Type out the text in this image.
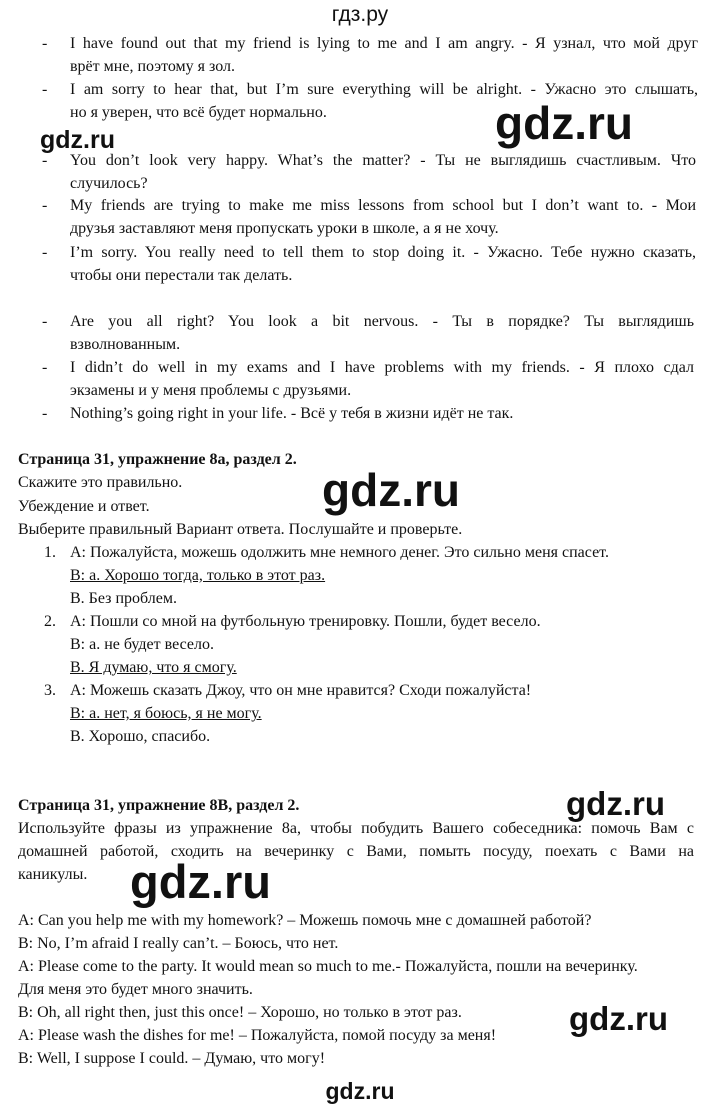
гдз.ру
gdz.ru	gdz.ru
gdz.ru
gdz.ru
gdz.ru
gdz.ru
- I have found out that my friend is lying to me and I am angry. - Я узнал, что мой друг
врёт мне, поэтому я зол.
- I am sorry to hear that, but I’m sure everything will be alright. - Ужасно это слышать,
но я уверен, что всё будет нормально.
- You don’t look very happy. What’s the matter? - Ты не выглядишь счастливым. Что
случилось?
- My friends are trying to make me miss lessons from school but I don’t want to. - Мои
друзья заставляют меня пропускать уроки в школе, а я не хочу.
- I’m sorry. You really need to tell them to stop doing it. - Ужасно. Тебе нужно сказать,
чтобы они перестали так делать.
- Are you all right? You look a bit nervous. - Ты в порядке? Ты выглядишь
взволнованным.
- I didn’t do well in my exams and I have problems with my friends. - Я плохо сдал
экзамены и у меня проблемы с друзьями.
- Nothing’s going right in your life. - Всё у тебя в жизни идёт не так.
Страница 31, упражнение 8а, раздел 2.
Скажите это правильно.
Убеждение и ответ.
Выберите правильный Вариант ответа. Послушайте и проверьте.
1. А: Пожалуйста, можешь одолжить мне немного денег. Это сильно меня спасет.
В: а. Хорошо тогда, только в этот раз.
В. Без проблем.
2. А: Пошли со мной на футбольную тренировку. Пошли, будет весело.
В: а. не будет весело.
В. Я думаю, что я смогу.
3. А: Можешь сказать Джоу, что он мне нравится? Сходи пожалуйста!
В: а. нет, я боюсь, я не могу.
В. Хорошо, спасибо.
Страница 31, упражнение 8В, раздел 2.
Используйте фразы из упражнение 8а, чтобы побудить Вашего собеседника: помочь Вам с
домашней работой, сходить на вечеринку с Вами, помыть посуду, поехать с Вами на
каникулы.
A: Can you help me with my homework? – Можешь помочь мне с домашней работой?
B: No, I’m afraid I really can’t. – Боюсь, что нет.
A: Please come to the party. It would mean so much to me.- Пожалуйста, пошли на вечеринку.
Для меня это будет много значить.
B: Oh, all right then, just this once! – Хорошо, но только в этот раз.
A: Please wash the dishes for me! – Пожалуйста, помой посуду за меня!
B: Well, I suppose I could. – Думаю, что могу!
gdz.ru
